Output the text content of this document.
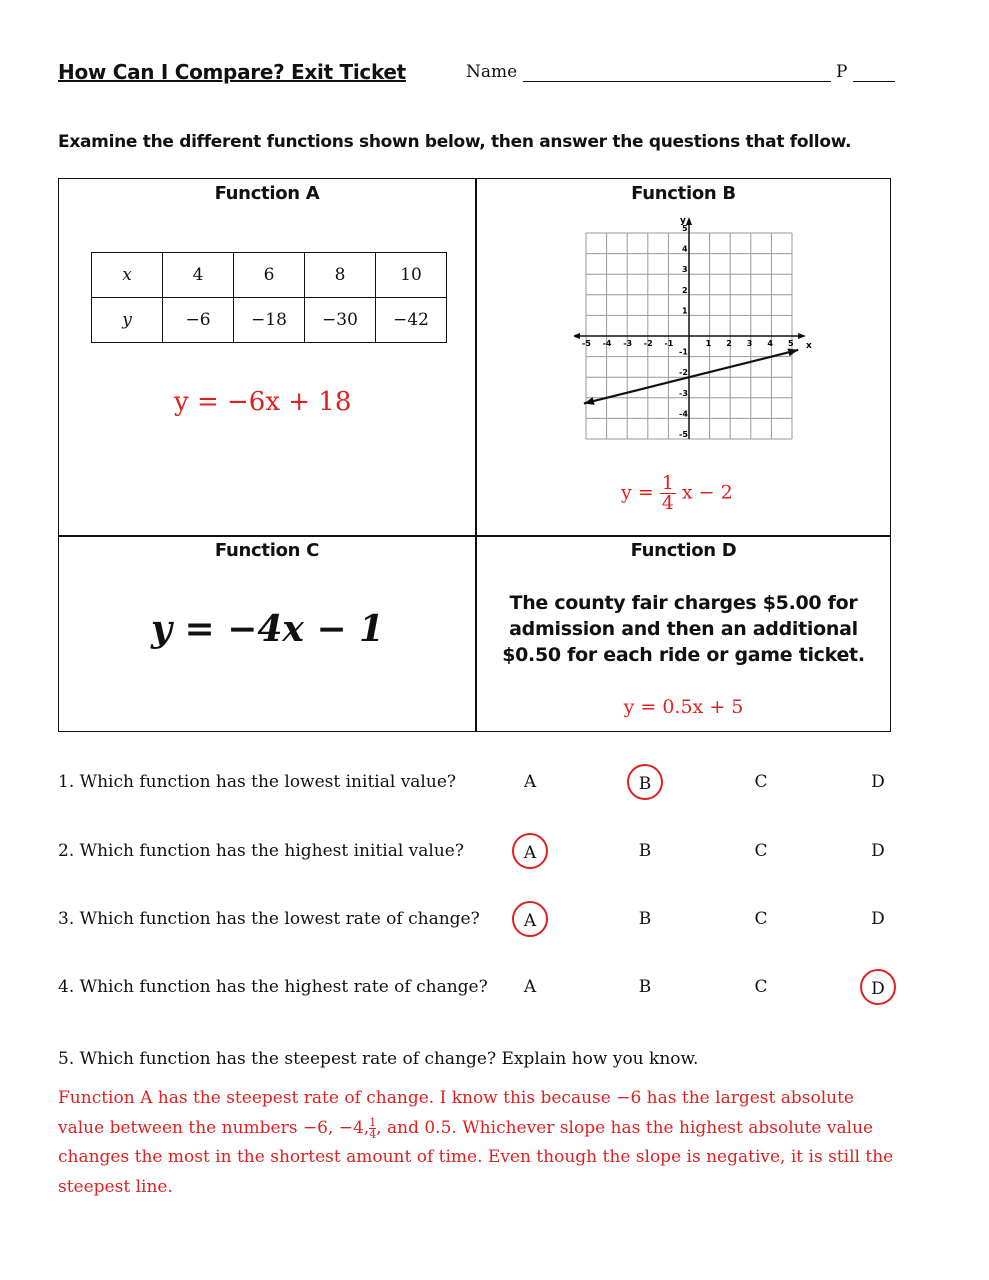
How Can I Compare? Exit Ticket	Name	P
Examine the different functions shown below, then answer the questions that follow.
Function A
x	4	6	8	10
y	−6	−18	−30	−42
y = −6x + 18
Function B
x
y
-5 -4 -3 -2 -1	1 2 3 4 5
5
4
3
2
1
-1
-2
-3
-4
-5
$y = \frac{1}{4}$ x − 2
Function C
y = −4x − 1
Function D
The county fair charges $5.00 for admission and then an additional $0.50 for each ride or game ticket.
y = 0.5x + 5
1. Which function has the lowest initial value?
2. Which function has the highest initial value?
3. Which function has the lowest rate of change?
4. Which function has the highest rate of change?
A	B	C	D
A	B	C	D
A	B	C	D
A	B	C	D
5. Which function has the steepest rate of change? Explain how you know.
Function A has the steepest rate of change. I know this because −6 has the largest absolute value between the numbers −6, −4, $\frac{1}{4}$ , and 0.5. Whichever slope has the highest absolute value changes the most in the shortest amount of time. Even though the slope is negative, it is still the steepest line.
